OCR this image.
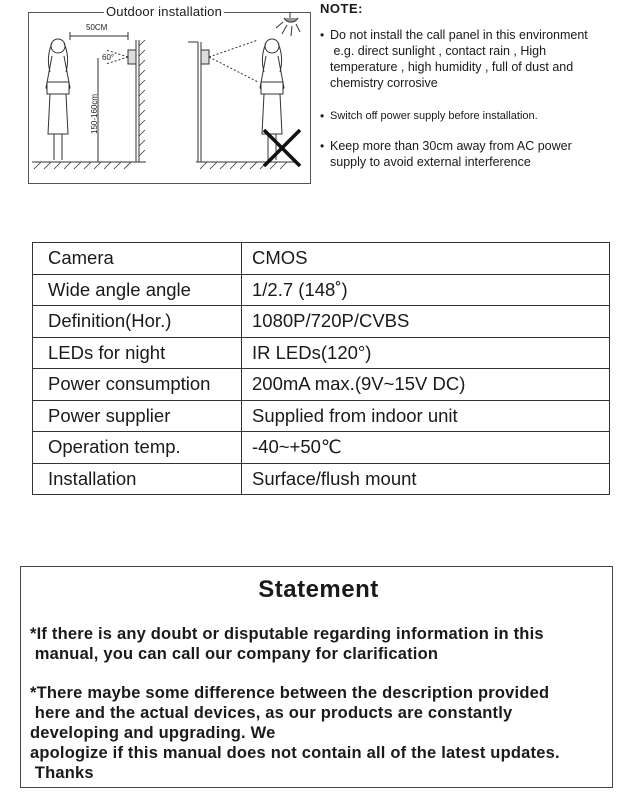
50CM
60°
150-160cm
Outdoor installation	NOTE:
• Do not install the call panel in this environment
e.g. direct sunlight , contact rain , High
temperature , high humidity , full of dust and
chemistry corrosive
• Switch off power supply before installation.
• Keep more than 30cm away from AC power
supply to avoid external interference
Camera	CMOS
Wide angle angle	1/2.7 (148˚)
Definition(Hor.)	1080P/720P/CVBS
LEDs for night	IR LEDs(120°)
Power consumption	200mA max.(9V~15V DC)
Power supplier	Supplied from indoor unit
Operation temp.	-40~+50℃
Installation	Surface/flush mount
Statement
*If there is any doubt or disputable regarding information in this
manual, you can call our company for clarification
*There maybe some difference between the description provided
here and the actual devices, as our products are constantly
developing and upgrading. We
apologize if this manual does not contain all of the latest updates.
Thanks
